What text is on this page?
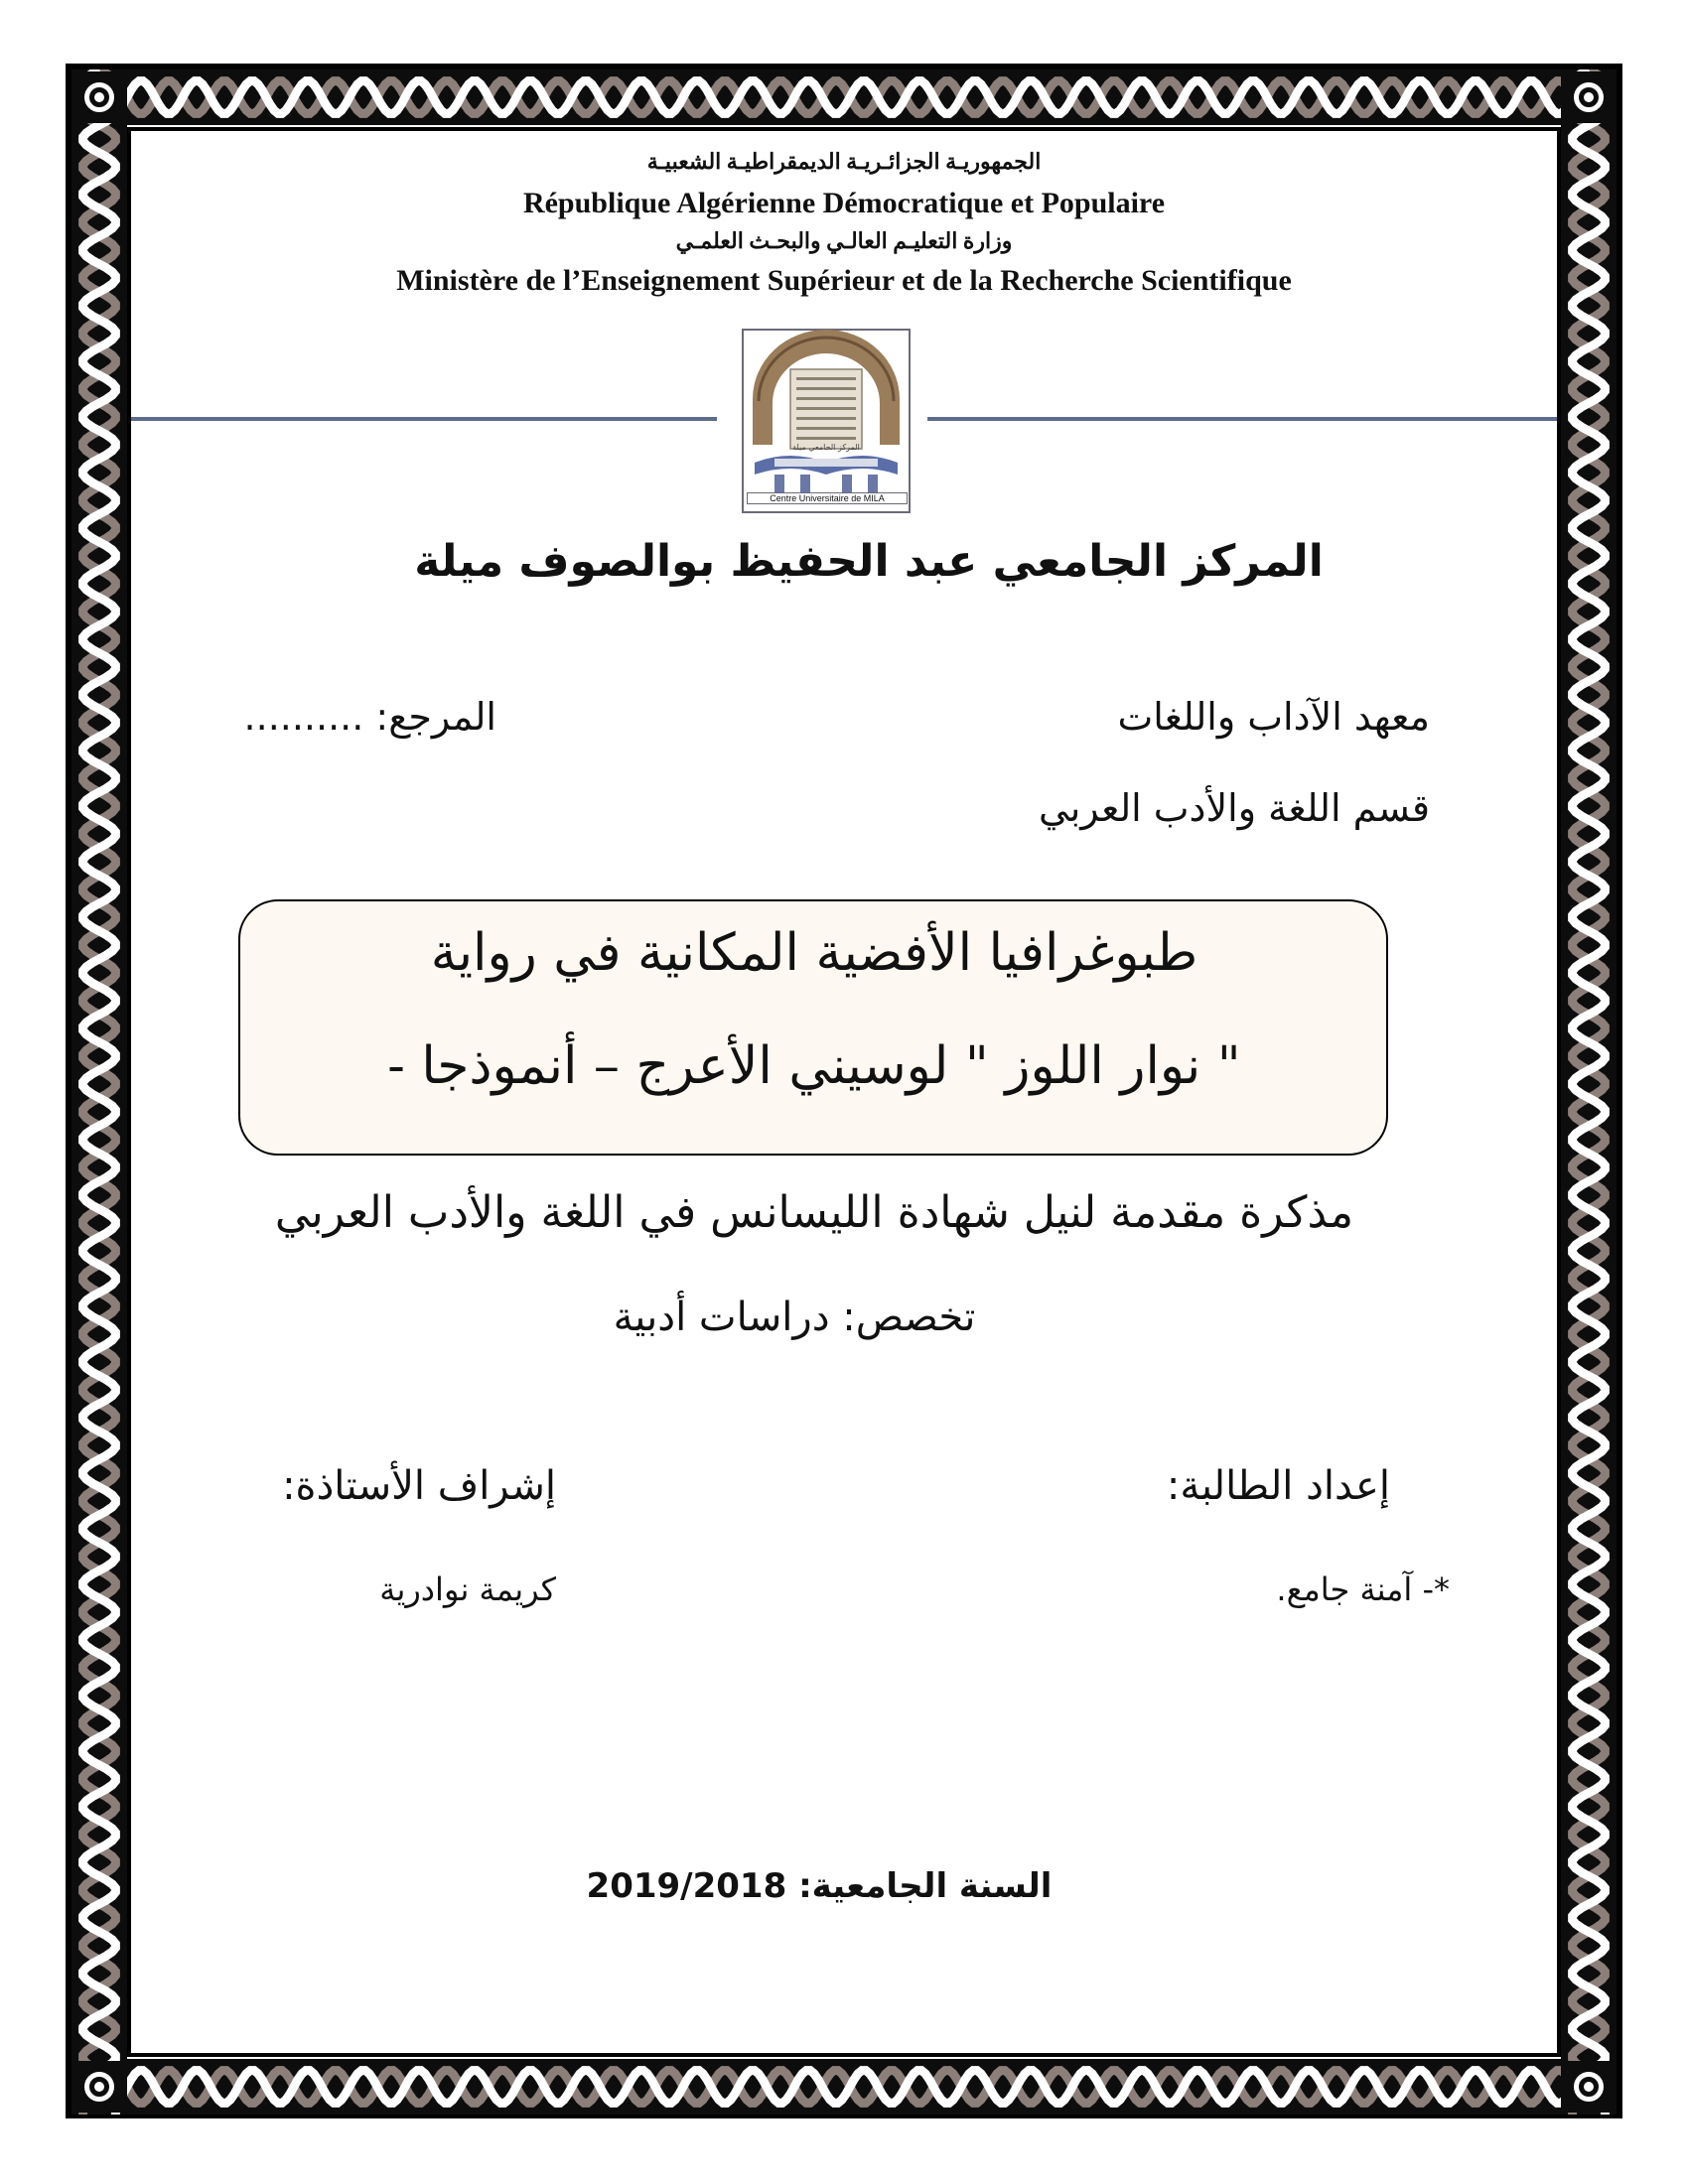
الجمهوريـة الجزائـريـة الديمقراطيـة الشعبيـة
République Algérienne Démocratique et Populaire
وزارة التعليـم العالـي والبحـث العلمـي
Ministère de l’Enseignement Supérieur et de la Recherche Scientifique
Centre Universitaire de MILA
المركز الجامعي ميلة
المركز الجامعي عبد الحفيظ بوالصوف ميلة
معهد الآداب واللغات
المرجع: ..........
قسم اللغة والأدب العربي
طبوغرافيا الأفضية المكانية في رواية
" نوار اللوز " لوسيني الأعرج – أنموذجا -
مذكرة مقدمة لنيل شهادة الليسانس في اللغة والأدب العربي
تخصص: دراسات أدبية
إعداد الطالبة:
إشراف الأستاذة:
*- آمنة جامع.
كريمة نوادرية
السنة الجامعية: 2019/2018
